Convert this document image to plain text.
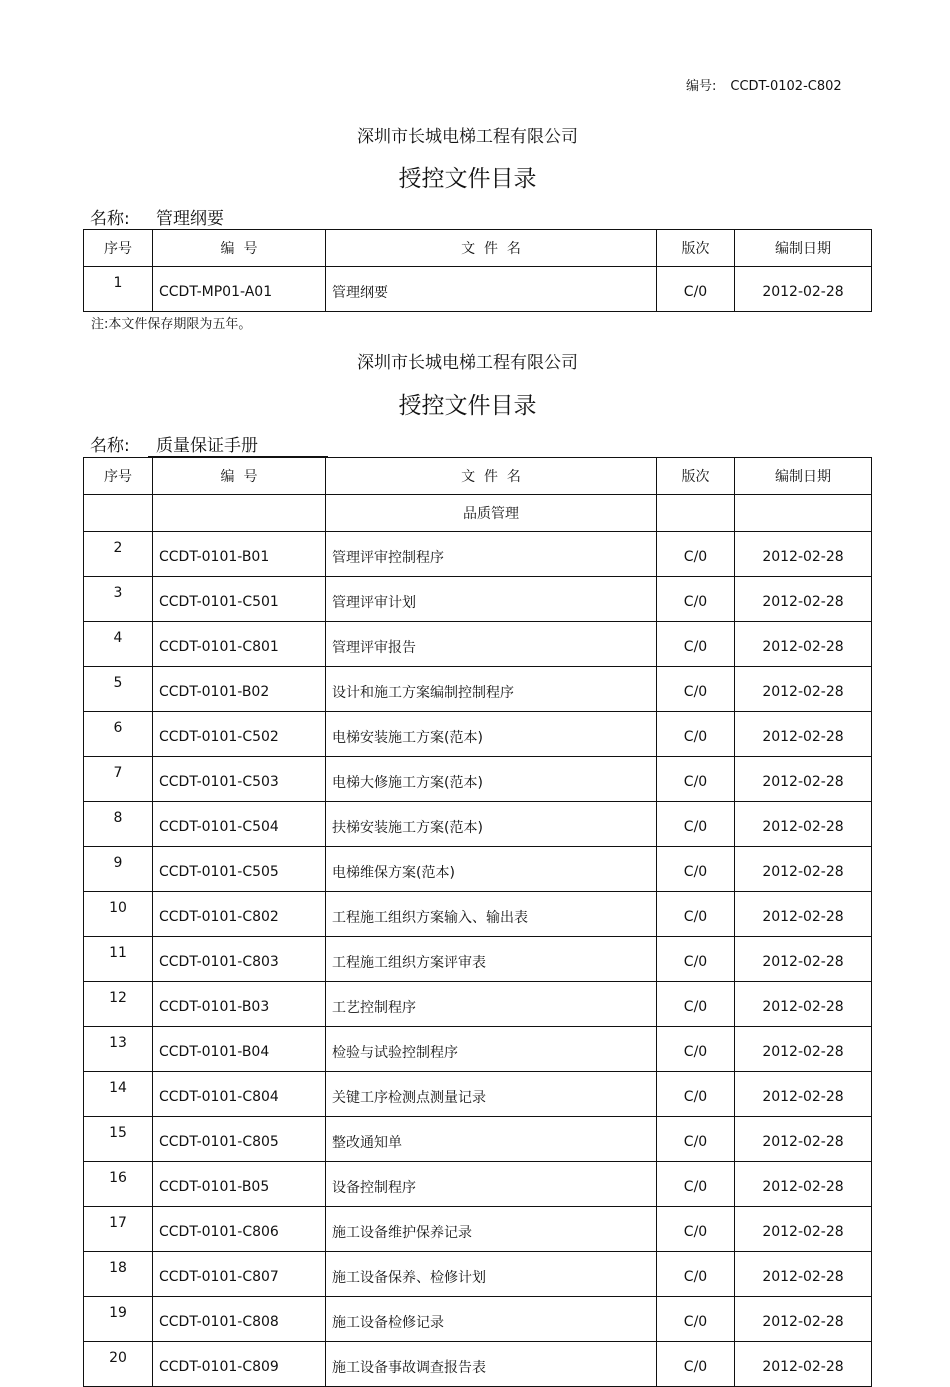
编号: CCDT-0102-C802
深圳市长城电梯工程有限公司
授控文件目录
名称:	管理纲要
序号	编  号	文  件  名	版次	编制日期
1	CCDT-MP01-A01	管理纲要	C/0	2012-02-28
注:本文件保存期限为五年。
深圳市长城电梯工程有限公司
授控文件目录
名称:	质量保证手册
序号	编  号	文  件  名	版次	编制日期
		品质管理		
2	CCDT-0101-B01	管理评审控制程序	C/0	2012-02-28
3	CCDT-0101-C501	管理评审计划	C/0	2012-02-28
4	CCDT-0101-C801	管理评审报告	C/0	2012-02-28
5	CCDT-0101-B02	设计和施工方案编制控制程序	C/0	2012-02-28
6	CCDT-0101-C502	电梯安装施工方案(范本)	C/0	2012-02-28
7	CCDT-0101-C503	电梯大修施工方案(范本)	C/0	2012-02-28
8	CCDT-0101-C504	扶梯安装施工方案(范本)	C/0	2012-02-28
9	CCDT-0101-C505	电梯维保方案(范本)	C/0	2012-02-28
10	CCDT-0101-C802	工程施工组织方案输入、输出表	C/0	2012-02-28
11	CCDT-0101-C803	工程施工组织方案评审表	C/0	2012-02-28
12	CCDT-0101-B03	工艺控制程序	C/0	2012-02-28
13	CCDT-0101-B04	检验与试验控制程序	C/0	2012-02-28
14	CCDT-0101-C804	关键工序检测点测量记录	C/0	2012-02-28
15	CCDT-0101-C805	整改通知单	C/0	2012-02-28
16	CCDT-0101-B05	设备控制程序	C/0	2012-02-28
17	CCDT-0101-C806	施工设备维护保养记录	C/0	2012-02-28
18	CCDT-0101-C807	施工设备保养、检修计划	C/0	2012-02-28
19	CCDT-0101-C808	施工设备检修记录	C/0	2012-02-28
20	CCDT-0101-C809	施工设备事故调查报告表	C/0	2012-02-28
